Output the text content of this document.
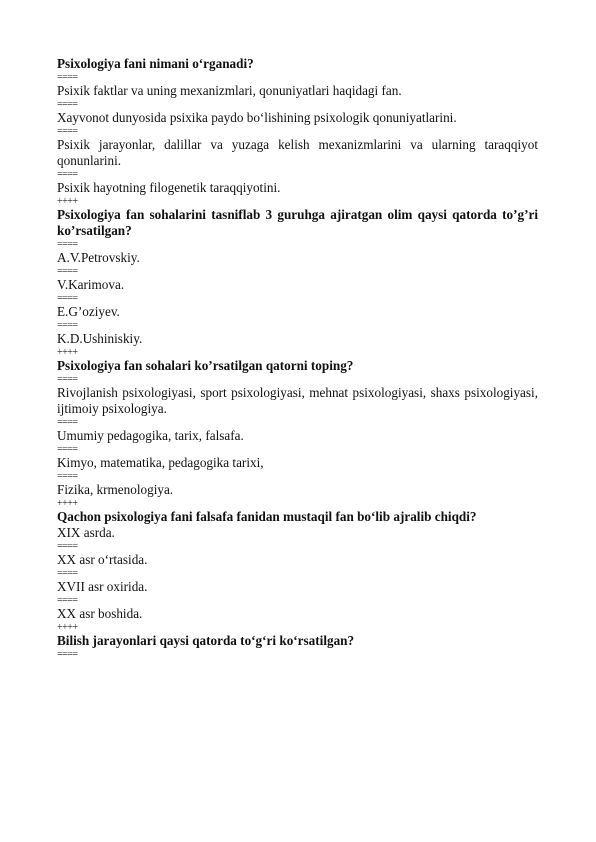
Psixologiya fani nimani o‘rganadi?
====
Psixik faktlar va uning mexanizmlari, qonuniyatlari haqidagi fan.
====
Xayvonot dunyosida psixika paydo bo‘lishining psixologik qonuniyatlarini.
====
Psixik jarayonlar, dalillar va yuzaga kelish mexanizmlarini va ularning taraqqiyot qonunlarini.
====
Psixik hayotning filogenetik taraqqiyotini.
++++
Psixologiya fan sohalarini tasniflab 3 guruhga ajiratgan olim qaysi qatorda to’g’ri ko’rsatilgan?
====
A.V.Petrovskiy.
====
V.Karimova.
====
E.G’oziyev.
====
K.D.Ushiniskiy.
++++
Psixologiya fan sohalari ko’rsatilgan qatorni toping?
====
Rivojlanish psixologiyasi, sport psixologiyasi, mehnat psixologiyasi, shaxs psixologiyasi, ijtimoiy psixologiya.
====
Umumiy pedagogika, tarix, falsafa.
====
Kimyo, matematika, pedagogika tarixi,
====
Fizika, krmenologiya.
++++
Qachon psixologiya fani falsafa fanidan mustaqil fan bo‘lib ajralib chiqdi?
XIX asrda.
====
XX asr o‘rtasida.
====
XVII asr oxirida.
====
XX asr boshida.
++++
Bilish jarayonlari qaysi qatorda to‘g‘ri ko‘rsatilgan?
====
